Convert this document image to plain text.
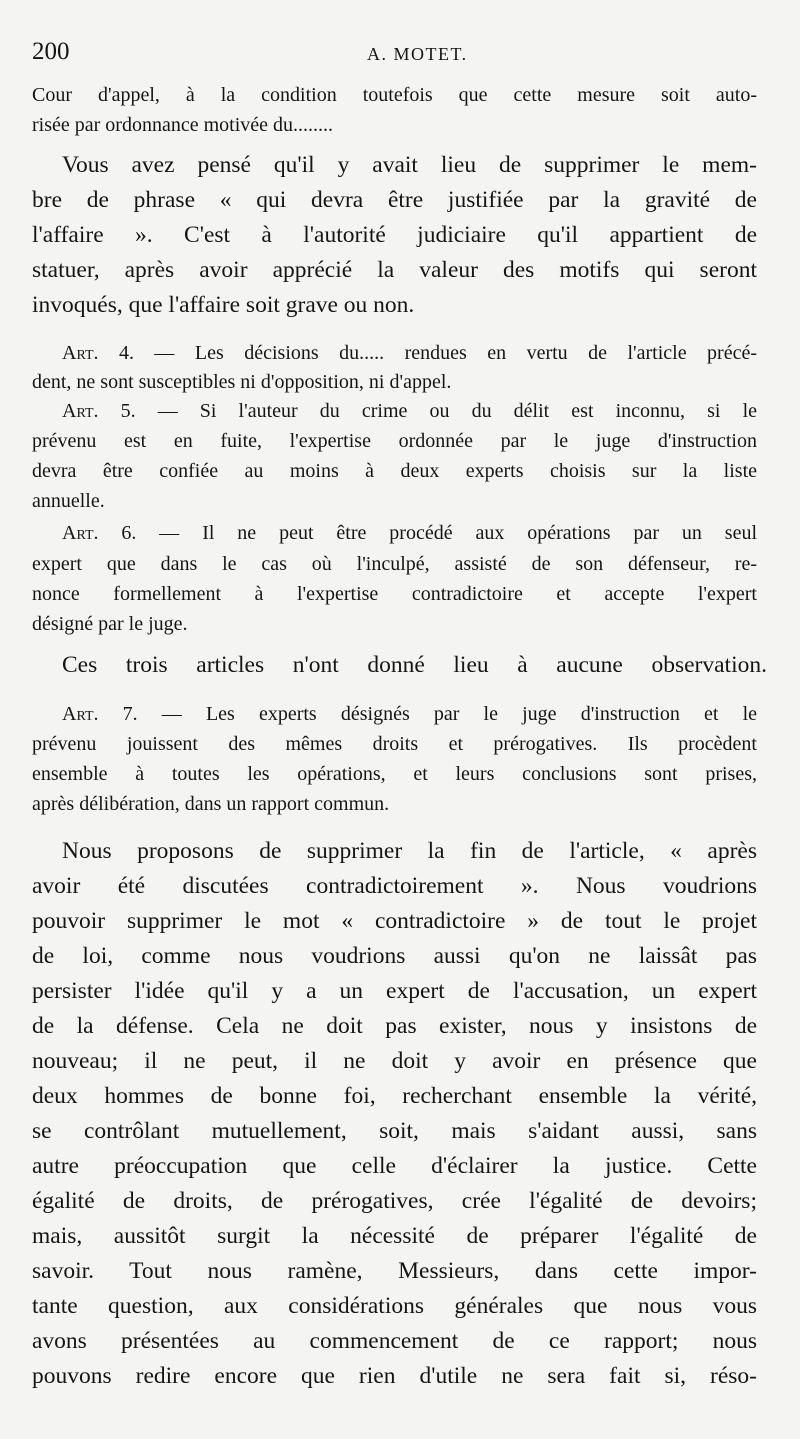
200	A. MOTET.
Cour d'appel, à la condition toutefois que cette mesure soit auto-
risée par ordonnance motivée du........
Vous avez pensé qu'il y avait lieu de supprimer le mem-
bre de phrase « qui devra être justifiée par la gravité de
l'affaire ». C'est à l'autorité judiciaire qu'il appartient de
statuer, après avoir apprécié la valeur des motifs qui seront
invoqués, que l'affaire soit grave ou non.
Art. 4. — Les décisions du..... rendues en vertu de l'article précé-
dent, ne sont susceptibles ni d'opposition, ni d'appel.
Art. 5. — Si l'auteur du crime ou du délit est inconnu, si le
prévenu est en fuite, l'expertise ordonnée par le juge d'instruction
devra être confiée au moins à deux experts choisis sur la liste
annuelle.
Art. 6. — Il ne peut être procédé aux opérations par un seul
expert que dans le cas où l'inculpé, assisté de son défenseur, re-
nonce formellement à l'expertise contradictoire et accepte l'expert
désigné par le juge.
Ces trois articles n'ont donné lieu à aucune observation.
Art. 7. — Les experts désignés par le juge d'instruction et le
prévenu jouissent des mêmes droits et prérogatives. Ils procèdent
ensemble à toutes les opérations, et leurs conclusions sont prises,
après délibération, dans un rapport commun.
Nous proposons de supprimer la fin de l'article, « après
avoir été discutées contradictoirement ». Nous voudrions
pouvoir supprimer le mot « contradictoire » de tout le projet
de loi, comme nous voudrions aussi qu'on ne laissât pas
persister l'idée qu'il y a un expert de l'accusation, un expert
de la défense. Cela ne doit pas exister, nous y insistons de
nouveau; il ne peut, il ne doit y avoir en présence que
deux hommes de bonne foi, recherchant ensemble la vérité,
se contrôlant mutuellement, soit, mais s'aidant aussi, sans
autre préoccupation que celle d'éclairer la justice. Cette
égalité de droits, de prérogatives, crée l'égalité de devoirs;
mais, aussitôt surgit la nécessité de préparer l'égalité de
savoir. Tout nous ramène, Messieurs, dans cette impor-
tante question, aux considérations générales que nous vous
avons présentées au commencement de ce rapport; nous
pouvons redire encore que rien d'utile ne sera fait si, réso-
